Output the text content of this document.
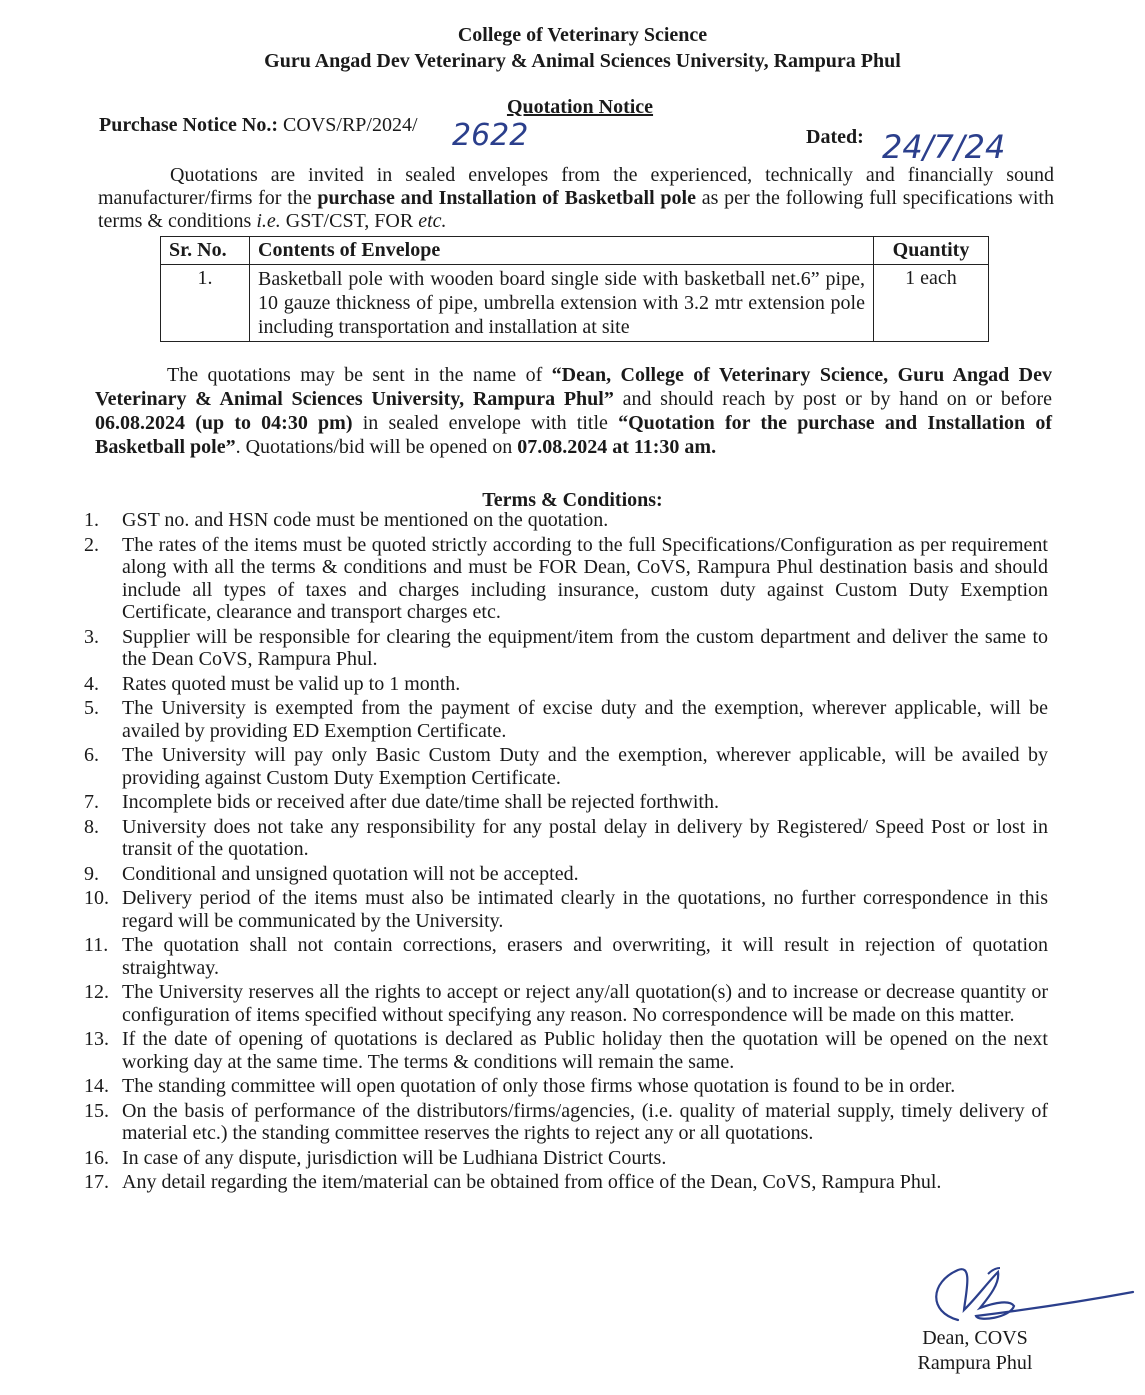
College of Veterinary Science
Guru Angad Dev Veterinary & Animal Sciences University, Rampura Phul
Quotation Notice
Purchase Notice No.: COVS/RP/2024/ 2622	Dated: 24/7/24

Quotations are invited in sealed envelopes from the experienced, technically and financially sound manufacturer/firms for the purchase and Installation of Basketball pole as per the following full specifications with terms & conditions i.e. GST/CST, FOR etc.

Sr. No.	Contents of Envelope	Quantity
1.	Basketball pole with wooden board single side with basketball net.6” pipe, 10 gauze thickness of pipe, umbrella extension with 3.2 mtr extension pole including transportation and installation at site	1 each

The quotations may be sent in the name of “Dean, College of Veterinary Science, Guru Angad Dev Veterinary & Animal Sciences University, Rampura Phul” and should reach by post or by hand on or before 06.08.2024 (up to 04:30 pm) in sealed envelope with title “Quotation for the purchase and Installation of Basketball pole”. Quotations/bid will be opened on 07.08.2024 at 11:30 am.

Terms & Conditions:
1.	GST no. and HSN code must be mentioned on the quotation.
2.	The rates of the items must be quoted strictly according to the full Specifications/Configuration as per requirement along with all the terms & conditions and must be FOR Dean, CoVS, Rampura Phul destination basis and should include all types of taxes and charges including insurance, custom duty against Custom Duty Exemption Certificate, clearance and transport charges etc.
3.	Supplier will be responsible for clearing the equipment/item from the custom department and deliver the same to the Dean CoVS, Rampura Phul.
4.	Rates quoted must be valid up to 1 month.
5.	The University is exempted from the payment of excise duty and the exemption, wherever applicable, will be availed by providing ED Exemption Certificate.
6.	The University will pay only Basic Custom Duty and the exemption, wherever applicable, will be availed by providing against Custom Duty Exemption Certificate.
7.	Incomplete bids or received after due date/time shall be rejected forthwith.
8.	University does not take any responsibility for any postal delay in delivery by Registered/ Speed Post or lost in transit of the quotation.
9.	Conditional and unsigned quotation will not be accepted.
10. Delivery period of the items must also be intimated clearly in the quotations, no further correspondence in this regard will be communicated by the University.
11. The quotation shall not contain corrections, erasers and overwriting, it will result in rejection of quotation straightway.
12. The University reserves all the rights to accept or reject any/all quotation(s) and to increase or decrease quantity or configuration of items specified without specifying any reason. No correspondence will be made on this matter.
13. If the date of opening of quotations is declared as Public holiday then the quotation will be opened on the next working day at the same time. The terms & conditions will remain the same.
14. The standing committee will open quotation of only those firms whose quotation is found to be in order.
15. On the basis of performance of the distributors/firms/agencies, (i.e. quality of material supply, timely delivery of material etc.) the standing committee reserves the rights to reject any or all quotations.
16. In case of any dispute, jurisdiction will be Ludhiana District Courts.
17. Any detail regarding the item/material can be obtained from office of the Dean, CoVS, Rampura Phul.
Dean, COVS
Rampura Phul
